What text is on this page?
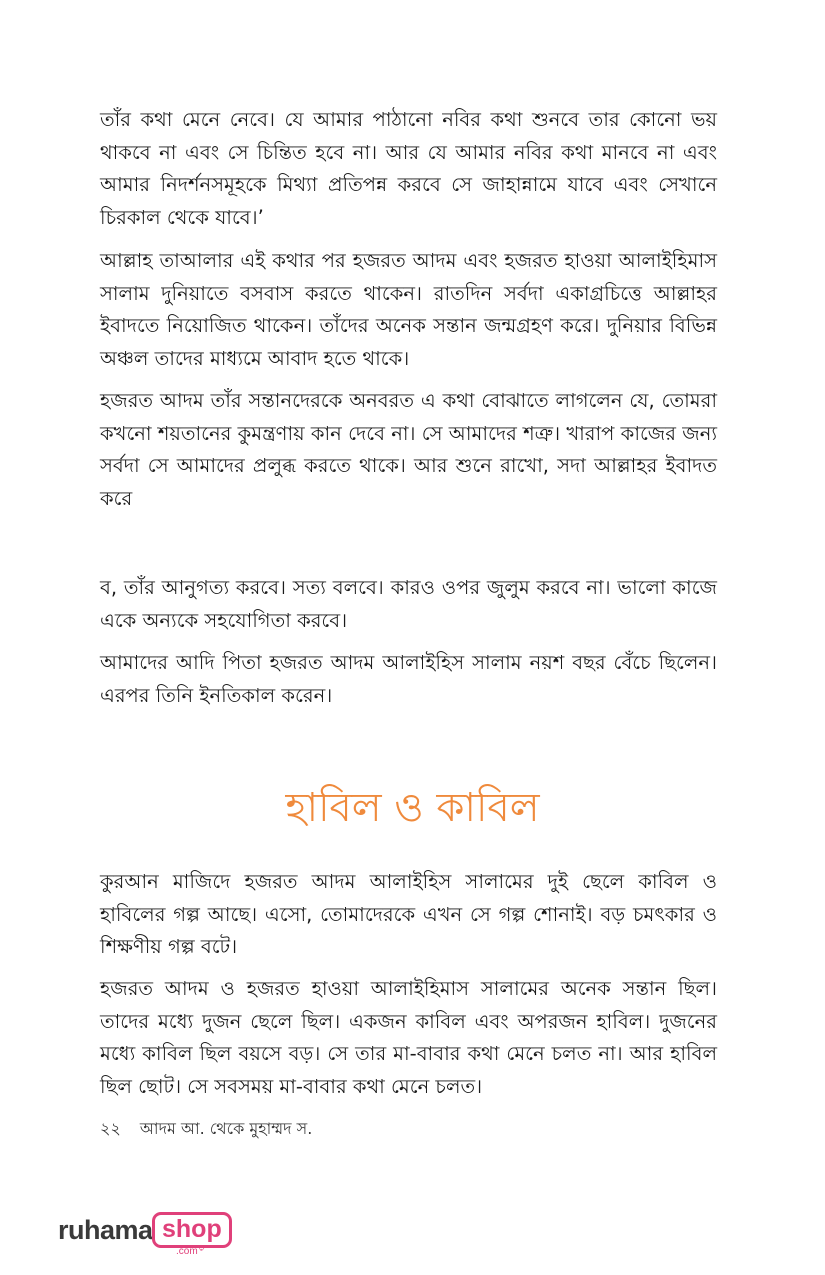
তাঁর কথা মেনে নেবে। যে আমার পাঠানো নবির কথা শুনবে তার কোনো ভয় থাকবে না এবং সে চিন্তিত হবে না। আর যে আমার নবির কথা মানবে না এবং আমার নিদর্শনসমূহকে মিথ্যা প্রতিপন্ন করবে সে জাহান্নামে যাবে এবং সেখানে চিরকাল থেকে যাবে।’

আল্লাহ তাআলার এই কথার পর হজরত আদম এবং হজরত হাওয়া আলাইহিমাস সালাম দুনিয়াতে বসবাস করতে থাকেন। রাতদিন সর্বদা একাগ্রচিত্তে আল্লাহর ইবাদতে নিয়োজিত থাকেন। তাঁদের অনেক সন্তান জন্মগ্রহণ করে। দুনিয়ার বিভিন্ন অঞ্চল তাদের মাধ্যমে আবাদ হতে থাকে।

হজরত আদম তাঁর সন্তানদেরকে অনবরত এ কথা বোঝাতে লাগলেন যে, তোমরা কখনো শয়তানের কুমন্ত্রণায় কান দেবে না। সে আমাদের শত্রু। খারাপ কাজের জন্য সর্বদা সে আমাদের প্রলুব্ধ করতে থাকে। আর শুনে রাখো, সদা আল্লাহর ইবাদত করে

ব, তাঁর আনুগত্য করবে। সত্য বলবে। কারও ওপর জুলুম করবে না। ভালো কাজে একে অন্যকে সহযোগিতা করবে।

আমাদের আদি পিতা হজরত আদম আলাইহিস সালাম নয়শ বছর বেঁচে ছিলেন। এরপর তিনি ইনতিকাল করেন।

হাবিল ও কাবিল

কুরআন মাজিদে হজরত আদম আলাইহিস সালামের দুই ছেলে কাবিল ও হাবিলের গল্প আছে। এসো, তোমাদেরকে এখন সে গল্প শোনাই। বড় চমৎকার ও শিক্ষণীয় গল্প বটে।

হজরত আদম ও হজরত হাওয়া আলাইহিমাস সালামের অনেক সন্তান ছিল। তাদের মধ্যে দুজন ছেলে ছিল। একজন কাবিল এবং অপরজন হাবিল। দুজনের মধ্যে কাবিল ছিল বয়সে বড়। সে তার মা-বাবার কথা মেনে চলত না। আর হাবিল ছিল ছোট। সে সবসময় মা-বাবার কথা মেনে চলত।

২২ আদম আ. থেকে মুহাম্মদ স.
ruhama shop
.com৺
